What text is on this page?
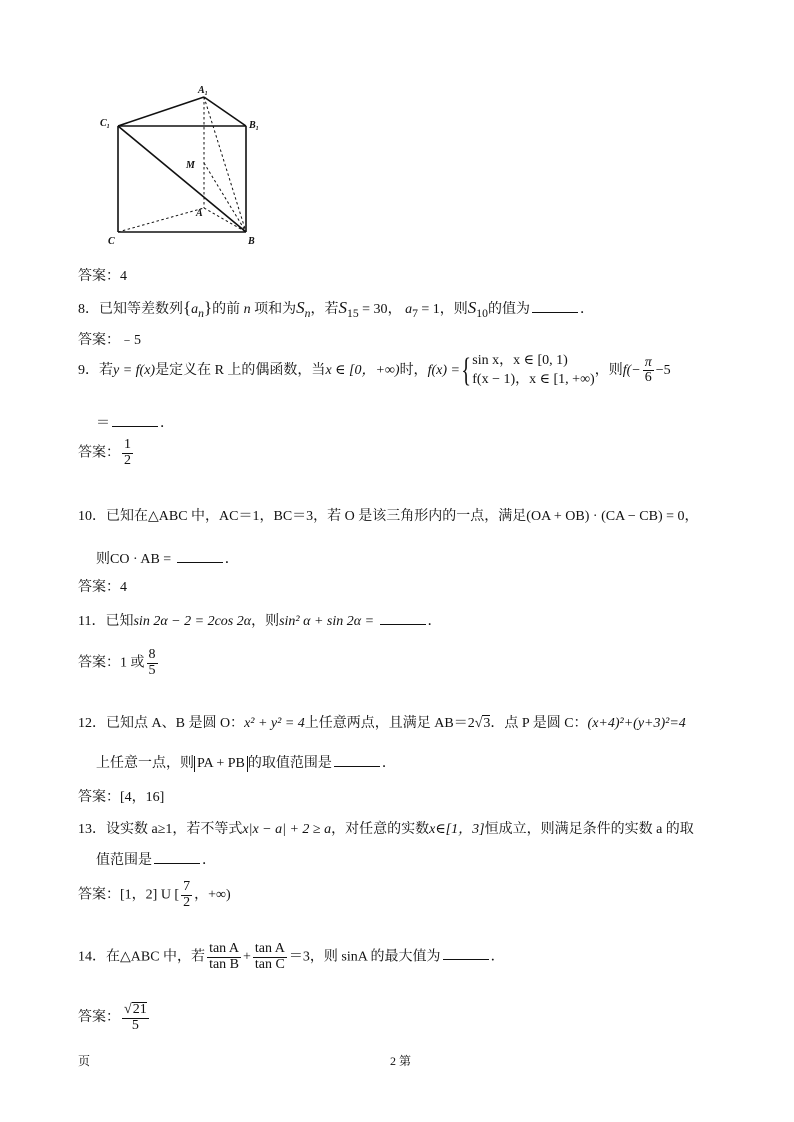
$A_1$
$B_1$
$C_1$
M
A
C	B
答案：4
8．已知等差数列$\{a_n\}$的前 n 项和为$S_n$，若$S_{15} = 30$， $a_7 = 1$，则$S_{10}$的值为	．
答案：﹣5
9．若y = f(x)是定义在 R 上的偶函数，当x ∈ [0，+∞)时，f(x) ={ sin x，x ∈ [0, 1)
f(x − 1)，x ∈ [1, +∞)
，则$f(- \frac{\pi}{6} -5$
＝	．
答案： $\frac{1}{2}$
10．已知在△ABC 中，AC＝1，BC＝3，若 O 是该三角形内的一点，满足(OA + OB) · (CA − CB) = 0，
则CO · AB =	．
答案：4
11．已知sin 2α − 2 = 2cos 2α，则sin² α + sin 2α =	．
答案：1 或 $\frac{8}{5}$
12．已知点 A、B 是圆 O：x² + y² = 4上任意两点，且满足 AB＝2√3．点 P 是圆 C：(x+4)²+(y+3)²=4
上任意一点，则 PA + PB 的取值范围是	．
答案：[4，16]
13．设实数 a≥1，若不等式x|x − a| + 2 ≥ a，对任意的实数x∈[1，3]恒成立，则满足条件的实数 a 的取
值范围是	．
答案：[1，2] U [ $\frac{7}{2}$ ，+∞)
14．在△ABC 中，若 $\frac{\text{tan A}}{\text{tan B}} + \frac{\text{tan A}}{\text{tan C}} =3$，则 sinA 的最大值为	．
答案： $\frac{√21}{5}$
页	2 第
